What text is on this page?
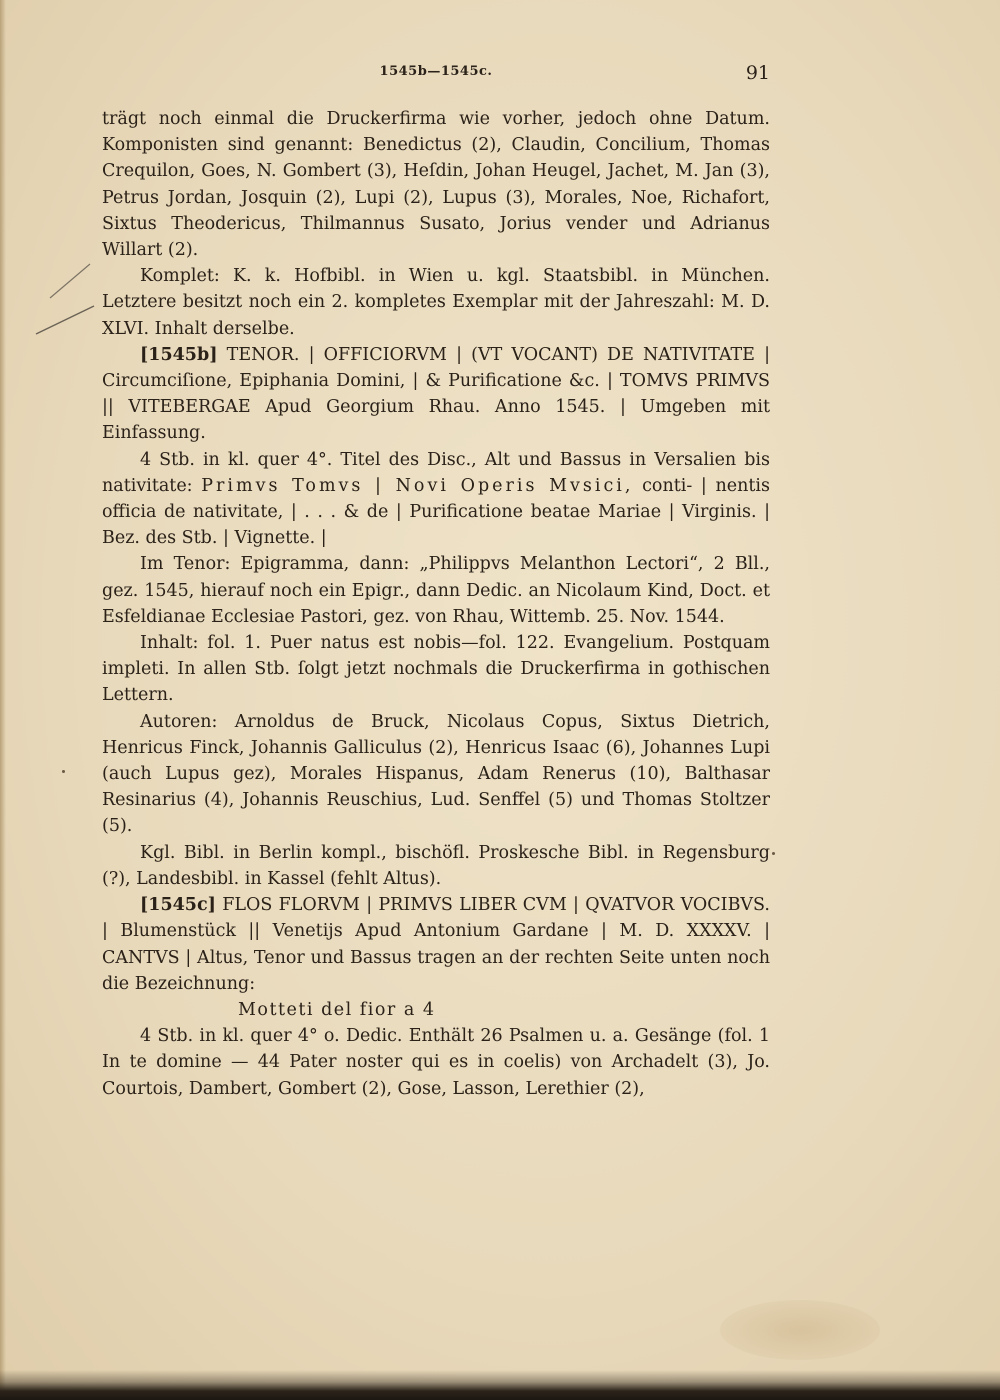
1545b—1545c.	91

trägt noch einmal die Druckerfirma wie vorher, jedoch ohne Datum. Komponisten sind genannt: Benedictus (2), Claudin, Concilium, Thomas Crequilon, Goes, N. Gombert (3), Heſdin, Johan Heugel, Jachet, M. Jan (3), Petrus Jordan, Josquin (2), Lupi (2), Lupus (3), Morales, Noe, Richafort, Sixtus Theodericus, Thilmannus Susato, Jorius vender und Adrianus Willart (2).

Komplet: K. k. Hofbibl. in Wien u. kgl. Staatsbibl. in München. Letztere besitzt noch ein 2. kompletes Exemplar mit der Jahreszahl: M. D. XLVI. Inhalt derselbe.

[1545b] TENOR. | OFFICIORVM | (VT VOCANT) DE NATIVITATE | Circumciſione, Epiphania Domini, | & Purificatione &c. | TOMVS PRIMVS || VITEBERGAE Apud Georgium Rhau. Anno 1545. | Umgeben mit Einfassung.

4 Stb. in kl. quer 4°. Titel des Disc., Alt und Bassus in Versalien bis nativitate: Primvs Tomvs | Novi Operis Mvsici, conti- | nentis officia de nativitate, | . . . & de | Purificatione beatae Mariae | Virginis. | Bez. des Stb. | Vignette. |

Im Tenor: Epigramma, dann: „Philippvs Melanthon Lectori“, 2 Bll., gez. 1545, hierauf noch ein Epigr., dann Dedic. an Nicolaum Kind, Doct. et Esfeldianae Ecclesiae Pastori, gez. von Rhau, Wittemb. 25. Nov. 1544.

Inhalt: fol. 1. Puer natus est nobis—fol. 122. Evangelium. Postquam impleti. In allen Stb. ſolgt jetzt nochmals die Druckerfirma in gothischen Lettern.

Autoren: Arnoldus de Bruck, Nicolaus Copus, Sixtus Dietrich, Henricus Finck, Johannis Galliculus (2), Henricus Isaac (6), Johannes Lupi (auch Lupus gez), Morales Hispanus, Adam Renerus (10), Balthasar Resinarius (4), Johannis Reuschius, Lud. Senffel (5) und Thomas Stoltzer (5).

Kgl. Bibl. in Berlin kompl., bischöfl. Proskesche Bibl. in Regensburg (?), Landesbibl. in Kassel (fehlt Altus).

[1545c] FLOS FLORVM | PRIMVS LIBER CVM | QVATVOR VOCIBVS. | Blumenstück || Venetijs Apud Antonium Gardane | M. D. XXXXV. | CANTVS | Altus, Tenor und Bassus tragen an der rechten Seite unten noch die Bezeichnung:

Motteti del fior a 4

4 Stb. in kl. quer 4° o. Dedic. Enthält 26 Psalmen u. a. Gesänge (fol. 1 In te domine — 44 Pater noster qui es in coelis) von Archadelt (3), Jo. Courtois, Dambert, Gombert (2), Gose, Lasson, Lerethier (2),
